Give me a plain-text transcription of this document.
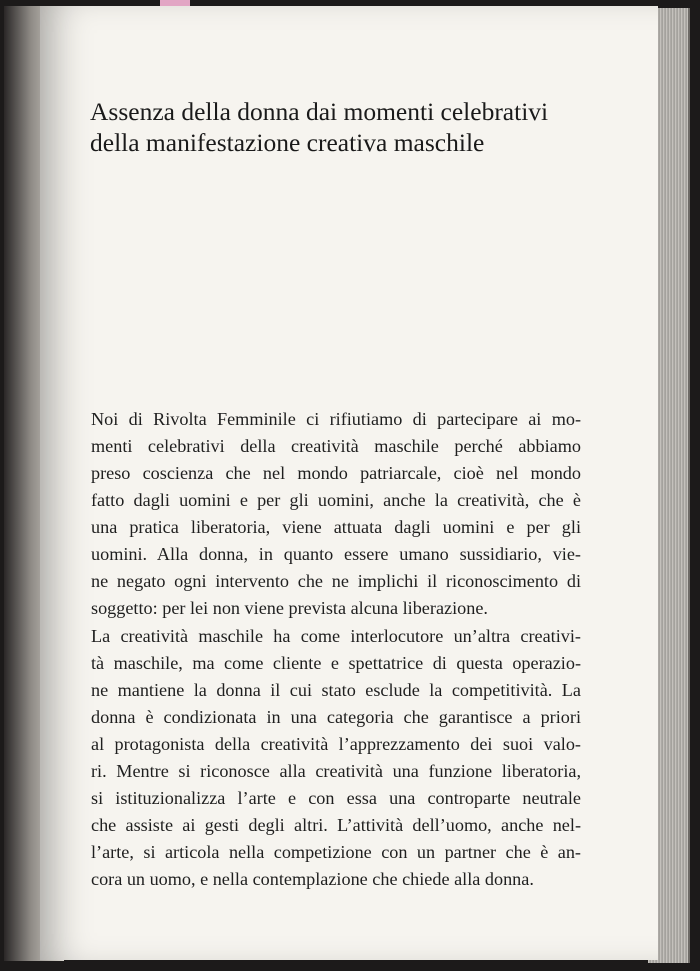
Assenza della donna dai momenti celebrativi
della manifestazione creativa maschile

Noi di Rivolta Femminile ci rifiutiamo di partecipare ai mo-
menti celebrativi della creatività maschile perché abbiamo
preso coscienza che nel mondo patriarcale, cioè nel mondo
fatto dagli uomini e per gli uomini, anche la creatività, che è
una pratica liberatoria, viene attuata dagli uomini e per gli
uomini. Alla donna, in quanto essere umano sussidiario, vie-
ne negato ogni intervento che ne implichi il riconoscimento di
soggetto: per lei non viene prevista alcuna liberazione.

La creatività maschile ha come interlocutore un’altra creativi-
tà maschile, ma come cliente e spettatrice di questa operazio-
ne mantiene la donna il cui stato esclude la competitività. La
donna è condizionata in una categoria che garantisce a priori
al protagonista della creatività l’apprezzamento dei suoi valo-
ri. Mentre si riconosce alla creatività una funzione liberatoria,
si istituzionalizza l’arte e con essa una controparte neutrale
che assiste ai gesti degli altri. L’attività dell’uomo, anche nel-
l’arte, si articola nella competizione con un partner che è an-
cora un uomo, e nella contemplazione che chiede alla donna.
